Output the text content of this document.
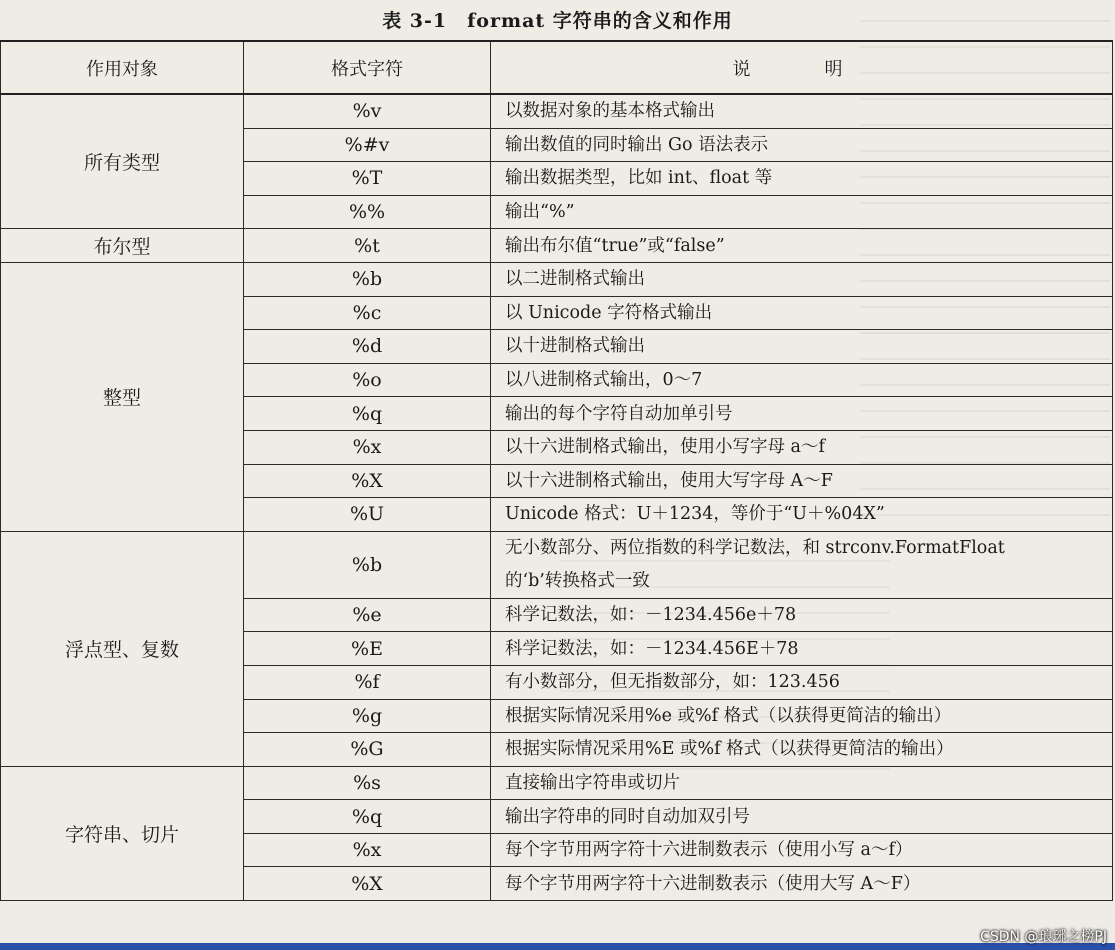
表 3-1　format 字符串的含义和作用
作用对象	格式字符	说　明
所有类型	%v	以数据对象的基本格式输出
	%#v	输出数值的同时输出 Go 语法表示
	%T	输出数据类型，比如 int、float 等
	%%	输出“%”
布尔型	%t	输出布尔值“true”或“false”
整型	%b	以二进制格式输出
	%c	以 Unicode 字符格式输出
	%d	以十进制格式输出
	%o	以八进制格式输出，0～7
	%q	输出的每个字符自动加单引号
	%x	以十六进制格式输出，使用小写字母 a～f
	%X	以十六进制格式输出，使用大写字母 A～F
	%U	Unicode 格式：U＋1234，等价于“U＋%04X”
浮点型、复数	%b	无小数部分、两位指数的科学记数法，和 strconv.FormatFloat
的‘b’转换格式一致

	%e	科学记数法，如：－1234.456e＋78
	%E	科学记数法，如：－1234.456E＋78
	%f	有小数部分，但无指数部分，如：123.456
	%g	根据实际情况采用%e 或%f 格式（以获得更简洁的输出）
	%G	根据实际情况采用%E 或%f 格式（以获得更简洁的输出）
字符串、切片	%s	直接输出字符串或切片
	%q	输出字符串的同时自动加双引号
	%x	每个字节用两字符十六进制数表示（使用小写 a～f）
	%X	每个字节用两字符十六进制数表示（使用大写 A～F）
CSDN @琅琊之榜PJ
